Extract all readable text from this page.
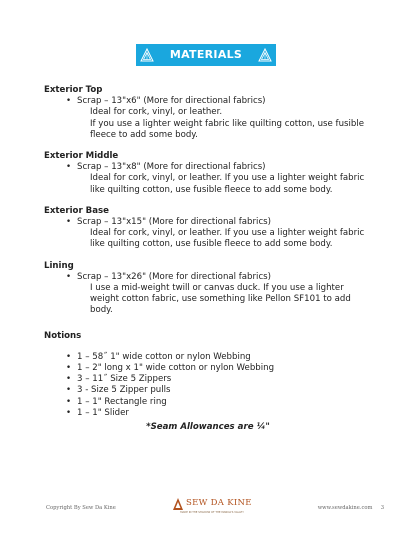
MATERIALS

Exterior Top

• Scrap – 13"x6" (More for directional fabrics)

Ideal for cork, vinyl, or leather.

If you use a lighter weight fabric like quilting cotton, use fusible fleece to add some body.

Exterior Middle

• Scrap – 13"x8" (More for directional fabrics)

Ideal for cork, vinyl, or leather. If you use a lighter weight fabric like quilting cotton, use fusible fleece to add some body.

Exterior Base

• Scrap – 13"x15" (More for directional fabrics)

Ideal for cork, vinyl, or leather. If you use a lighter weight fabric like quilting cotton, use fusible fleece to add some body.

Lining

• Scrap – 13"x26" (More for directional fabrics)

I use a mid-weight twill or canvas duck. If you use a lighter weight cotton fabric, use something like Pellon SF101 to add body.

Notions

• 1 – 58˝ 1" wide cotton or nylon Webbing

• 1 – 2" long x 1" wide cotton or nylon Webbing

• 3 – 11˝ Size 5 Zippers

• 3 - Size 5 Zipper pulls

• 1 – 1" Rectangle ring

• 1 – 1" Slider

*Seam Allowances are ¼"
Copyright By Sew Da Kine	SEW DA KINE
MADE IN THE SHADOW OF THE MANOA'S VALLEY
www.sewdakine.com 3
